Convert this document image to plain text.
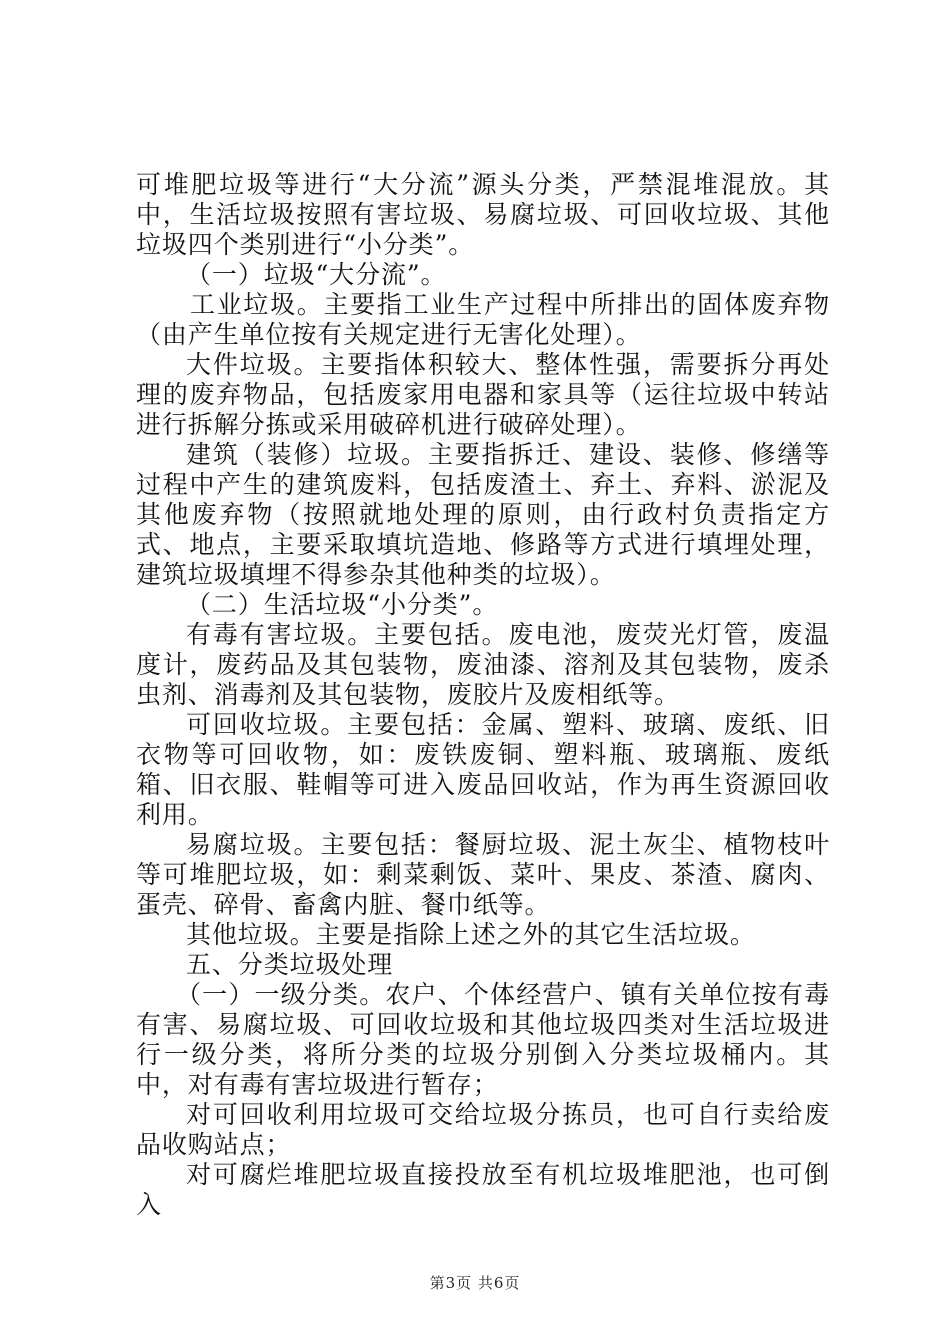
可堆肥垃圾等进行“大分流”源头分类，严禁混堆混放。其中，生活垃圾按照有害垃圾、易腐垃圾、可回收垃圾、其他垃圾四个类别进行“小分类”。

（一）垃圾“大分流”。

工业垃圾。主要指工业生产过程中所排出的固体废弃物（由产生单位按有关规定进行无害化处理）。

大件垃圾。主要指体积较大、整体性强，需要拆分再处理的废弃物品，包括废家用电器和家具等（运往垃圾中转站进行拆解分拣或采用破碎机进行破碎处理）。

建筑（装修）垃圾。主要指拆迁、建设、装修、修缮等过程中产生的建筑废料，包括废渣土、弃土、弃料、淤泥及其他废弃物（按照就地处理的原则，由行政村负责指定方式、地点，主要采取填坑造地、修路等方式进行填埋处理，建筑垃圾填埋不得参杂其他种类的垃圾）。

（二）生活垃圾“小分类”。

有毒有害垃圾。主要包括。废电池，废荧光灯管，废温度计，废药品及其包装物，废油漆、溶剂及其包装物，废杀虫剂、消毒剂及其包装物，废胶片及废相纸等。

可回收垃圾。主要包括：金属、塑料、玻璃、废纸、旧衣物等可回收物，如：废铁废铜、塑料瓶、玻璃瓶、废纸箱、旧衣服、鞋帽等可进入废品回收站，作为再生资源回收利用。

易腐垃圾。主要包括：餐厨垃圾、泥土灰尘、植物枝叶等可堆肥垃圾，如：剩菜剩饭、菜叶、果皮、茶渣、腐肉、蛋壳、碎骨、畜禽内脏、餐巾纸等。

其他垃圾。主要是指除上述之外的其它生活垃圾。

五、分类垃圾处理

（一）一级分类。农户、个体经营户、镇有关单位按有毒有害、易腐垃圾、可回收垃圾和其他垃圾四类对生活垃圾进行一级分类，将所分类的垃圾分别倒入分类垃圾桶内。其中，对有毒有害垃圾进行暂存；

对可回收利用垃圾可交给垃圾分拣员，也可自行卖给废品收购站点；

对可腐烂堆肥垃圾直接投放至有机垃圾堆肥池，也可倒入

第3页 共6页
